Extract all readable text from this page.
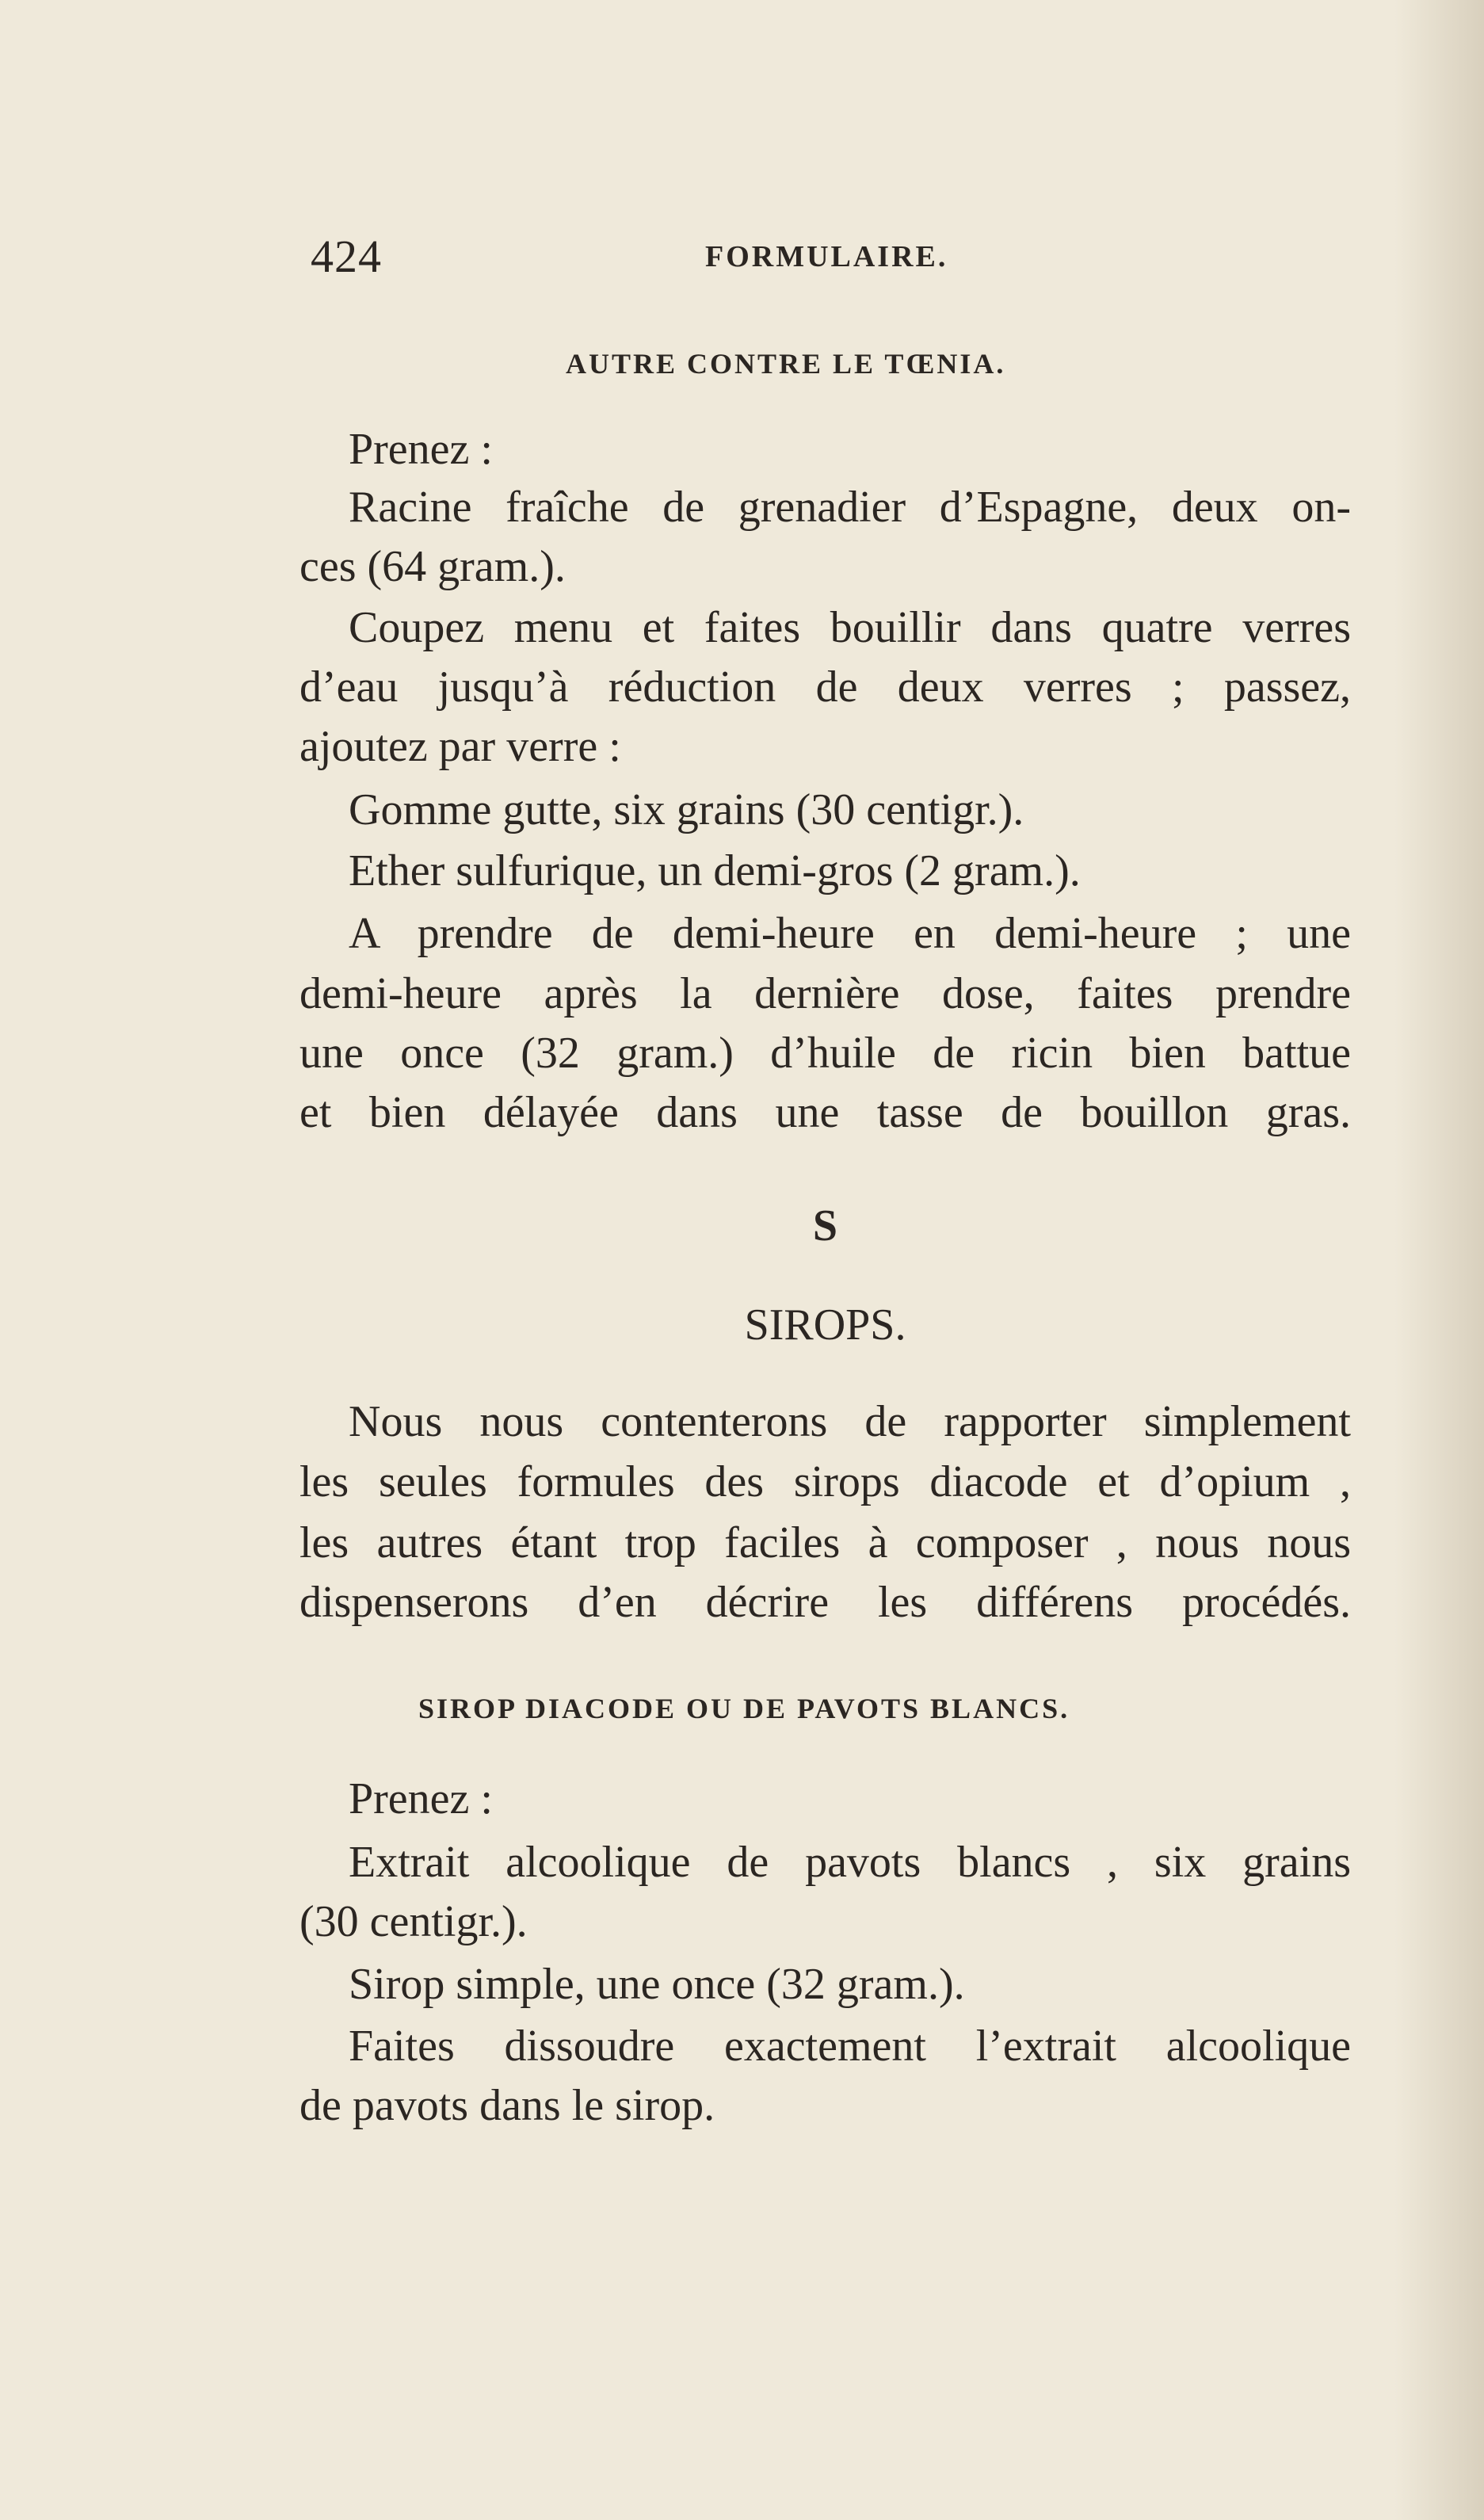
424	FORMULAIRE.
AUTRE CONTRE LE TŒNIA.
Prenez :
Racine fraîche de grenadier d’Espagne, deux on-
ces (64 gram.).
Coupez menu et faites bouillir dans quatre verres
d’eau jusqu’à réduction de deux verres ; passez,
ajoutez par verre :
Gomme gutte, six grains (30 centigr.).
Ether sulfurique, un demi-gros (2 gram.).
A prendre de demi-heure en demi-heure ; une
demi-heure après la dernière dose, faites prendre
une once (32 gram.) d’huile de ricin bien battue
et bien délayée dans une tasse de bouillon gras.
S
SIROPS.
Nous nous contenterons de rapporter simplement
les seules formules des sirops diacode et d’opium ,
les autres étant trop faciles à composer , nous nous
dispenserons d’en décrire les différens procédés.
SIROP DIACODE OU DE PAVOTS BLANCS.
Prenez :
Extrait alcoolique de pavots blancs , six grains
(30 centigr.).
Sirop simple, une once (32 gram.).
Faites dissoudre exactement l’extrait alcoolique
de pavots dans le sirop.
